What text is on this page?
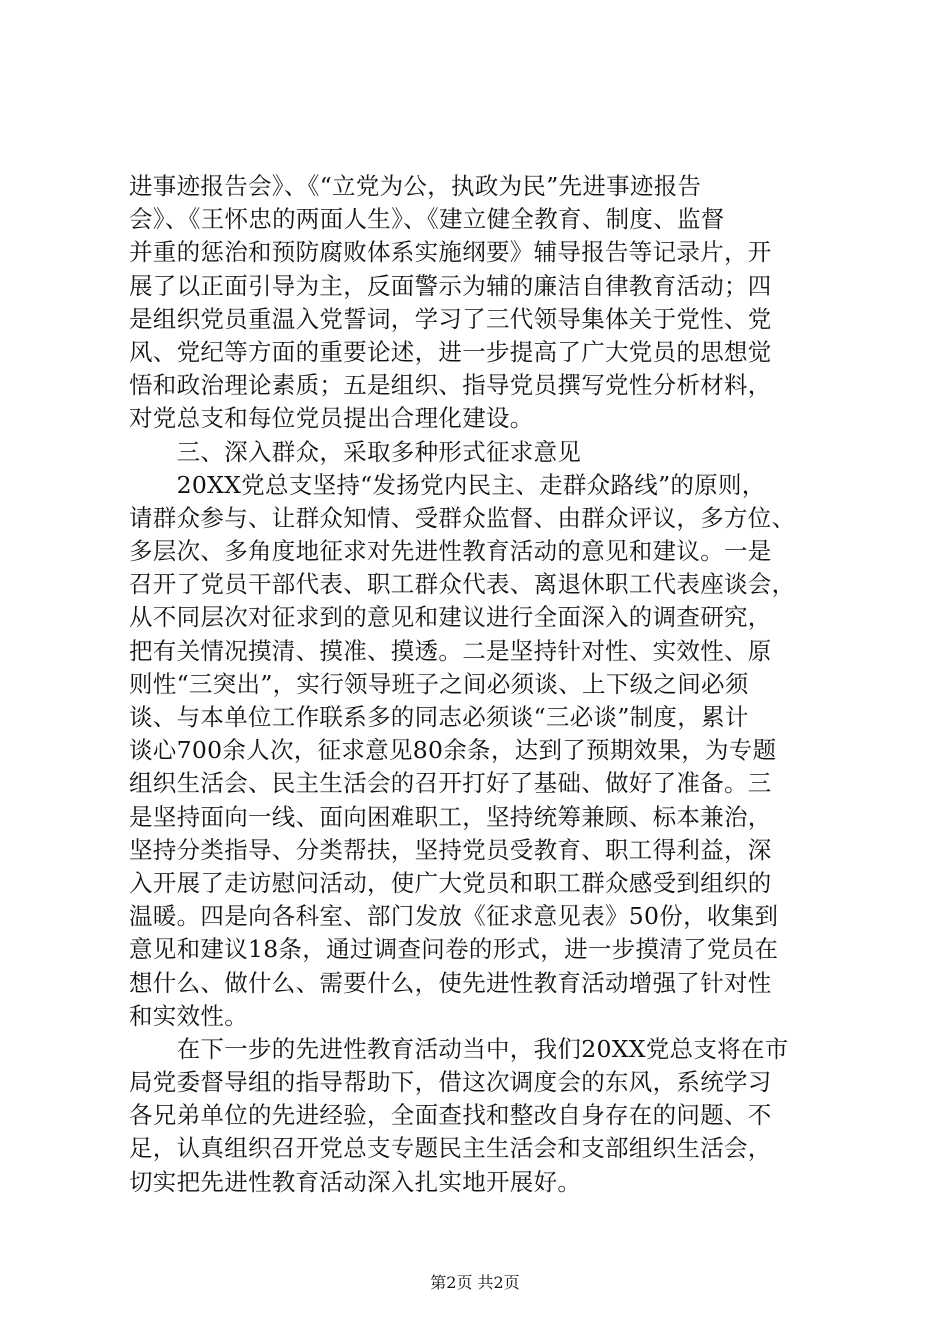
进事迹报告会》、《“立党为公，执政为民”先进事迹报告
会》、《王怀忠的两面人生》、《建立健全教育、制度、监督
并重的惩治和预防腐败体系实施纲要》辅导报告等记录片，开
展了以正面引导为主，反面警示为辅的廉洁自律教育活动；四
是组织党员重温入党誓词，学习了三代领导集体关于党性、党
风、党纪等方面的重要论述，进一步提高了广大党员的思想觉
悟和政治理论素质；五是组织、指导党员撰写党性分析材料，
对党总支和每位党员提出合理化建设。
　　三、深入群众，采取多种形式征求意见
　　20XX党总支坚持“发扬党内民主、走群众路线”的原则，
请群众参与、让群众知情、受群众监督、由群众评议，多方位、
多层次、多角度地征求对先进性教育活动的意见和建议。一是
召开了党员干部代表、职工群众代表、离退休职工代表座谈会，
从不同层次对征求到的意见和建议进行全面深入的调查研究，
把有关情况摸清、摸准、摸透。二是坚持针对性、实效性、原
则性“三突出”，实行领导班子之间必须谈、上下级之间必须
谈、与本单位工作联系多的同志必须谈“三必谈”制度，累计
谈心700余人次，征求意见80余条，达到了预期效果，为专题
组织生活会、民主生活会的召开打好了基础、做好了准备。三
是坚持面向一线、面向困难职工，坚持统筹兼顾、标本兼治，
坚持分类指导、分类帮扶，坚持党员受教育、职工得利益，深
入开展了走访慰问活动，使广大党员和职工群众感受到组织的
温暖。四是向各科室、部门发放《征求意见表》50份，收集到
意见和建议18条，通过调查问卷的形式，进一步摸清了党员在
想什么、做什么、需要什么，使先进性教育活动增强了针对性
和实效性。
　　在下一步的先进性教育活动当中，我们20XX党总支将在市
局党委督导组的指导帮助下，借这次调度会的东风，系统学习
各兄弟单位的先进经验，全面查找和整改自身存在的问题、不
足，认真组织召开党总支专题民主生活会和支部组织生活会，
切实把先进性教育活动深入扎实地开展好。
第2页 共2页
